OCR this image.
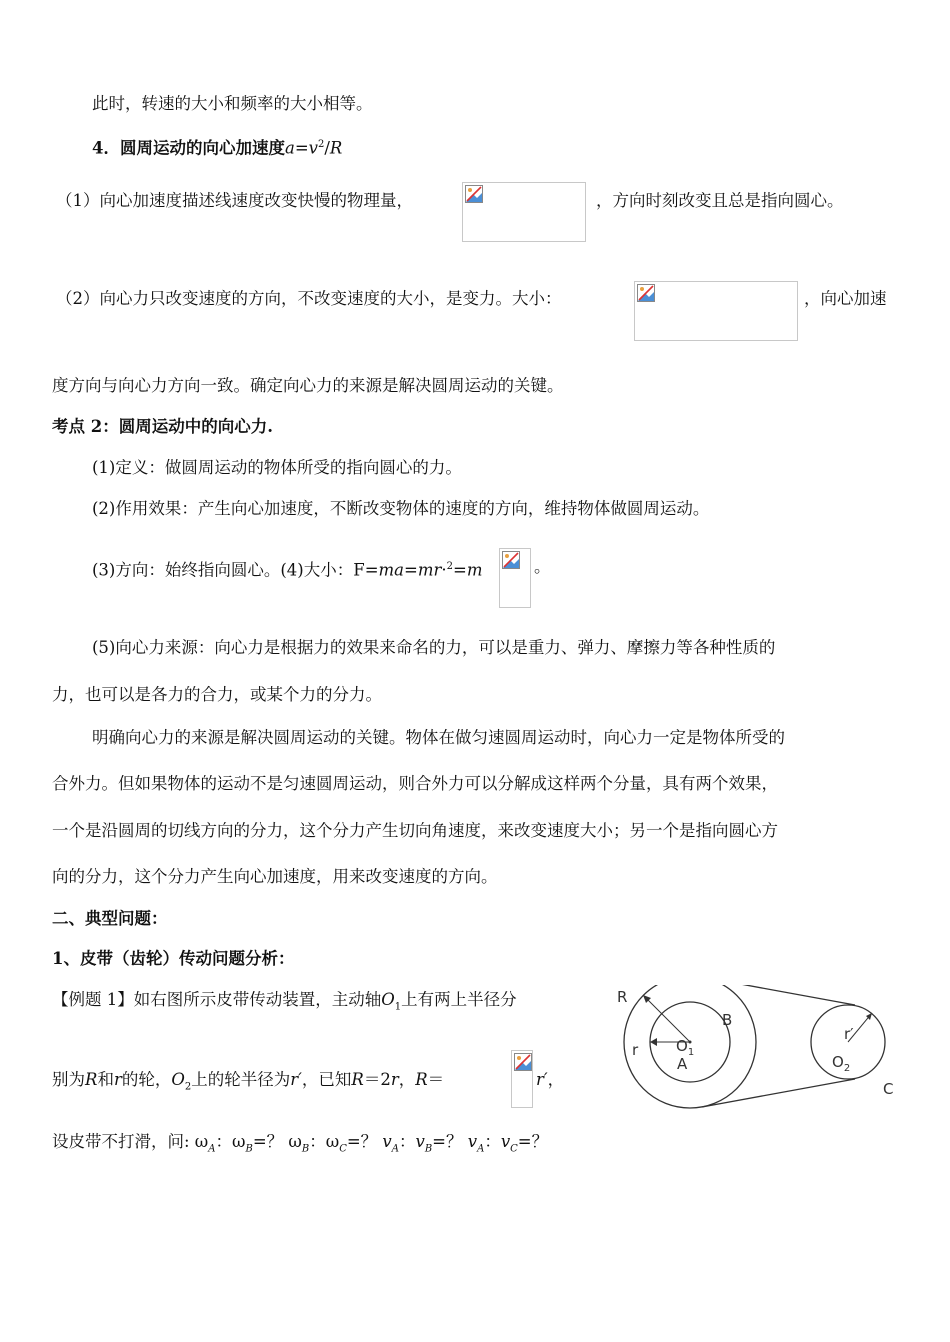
此时，转速的大小和频率的大小相等。
4．圆周运动的向心加速度$a=v^2/R$
（1）向心加速度描述线速度改变快慢的物理量，	，方向时刻改变且总是指向圆心。
（2）向心力只改变速度的方向，不改变速度的大小，是变力。大小：	，向心加速
度方向与向心力方向一致。确定向心力的来源是解决圆周运动的关键。
考点 2：圆周运动中的向心力.
(1)定义：做圆周运动的物体所受的指向圆心的力。
(2)作用效果：产生向心加速度，不断改变物体的速度的方向，维持物体做圆周运动。
(3)方向：始终指向圆心。(4)大小：F=ma=mr·$^2$=m	。
(5)向心力来源：向心力是根据力的效果来命名的力，可以是重力、弹力、摩擦力等各种性质的
力，也可以是各力的合力，或某个力的分力。
明确向心力的来源是解决圆周运动的关键。物体在做匀速圆周运动时，向心力一定是物体所受的
合外力。但如果物体的运动不是匀速圆周运动，则合外力可以分解成这样两个分量，具有两个效果，
一个是沿圆周的切线方向的分力，这个分力产生切向角速度，来改变速度大小；另一个是指向圆心方
向的分力，这个分力产生向心加速度，用来改变速度的方向。
二、典型问题：
1、皮带（齿轮）传动问题分析：
【例题 1】如右图所示皮带传动装置，主动轴$O_1$上有两上半径分
别为R和r的轮，$O_2$上的轮半径为r′，已知R＝2r，R＝	r′，
设皮带不打滑，问: $\omega_A$：$\omega_B=$？ $\omega_B$：$\omega_C=$？ $v_A$：$v_B=$？ $v_A$：$v_C=$？
R
B
r	$O_1$
A
r′
$O_2$
C
